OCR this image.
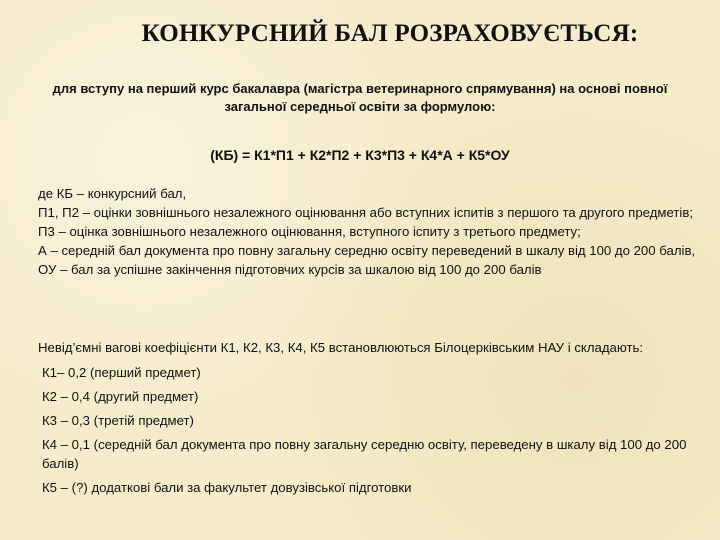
КОНКУРСНИЙ БАЛ РОЗРАХОВУЄТЬСЯ:
для вступу на перший курс бакалавра (магістра ветеринарного спрямування) на основі повної загальної середньої освіти за формулою:
(КБ) = К1*П1 + К2*П2 + К3*П3 + К4*А + К5*ОУ

де КБ – конкурсний бал,

П1, П2 – оцінки зовнішнього незалежного оцінювання або вступних іспитів з першого та другого предметів;

П3 – оцінка зовнішнього незалежного оцінювання, вступного іспиту з третього предмету;

А – середній бал документа про повну загальну середню освіту переведений в шкалу від 100 до 200 балів,

ОУ – бал за успішне закінчення підготовчих курсів за шкалою від 100 до 200 балів

Невід’ємні вагові коефіцієнти К1, К2, К3, К4, К5 встановлюються Білоцерківським НАУ і складають:

К1– 0,2 (перший предмет)

К2 – 0,4 (другий предмет)

К3 – 0,3 (третій предмет)

К4 – 0,1 (середній бал документа про повну загальну середню освіту, переведену в шкалу від 100 до 200 балів)

К5 – (?) додаткові бали за факультет довузівської підготовки
